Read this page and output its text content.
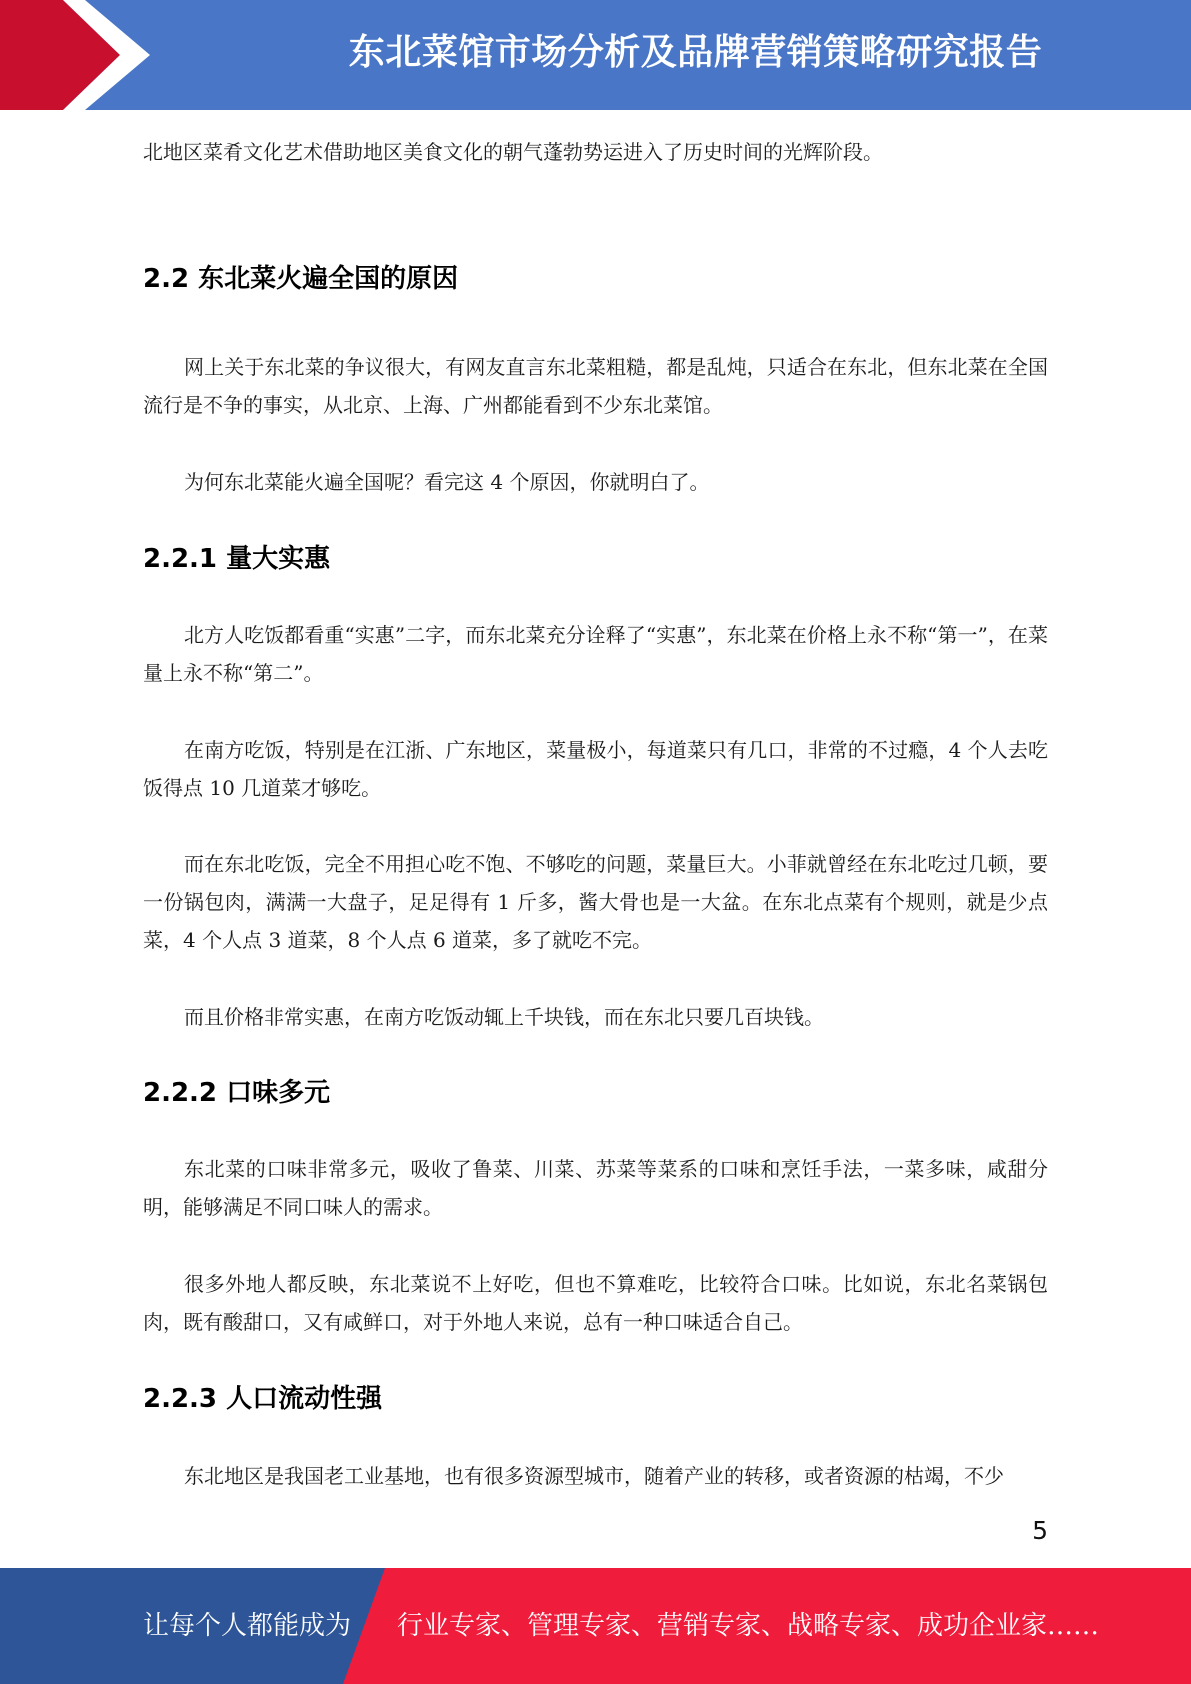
东北菜馆市场分析及品牌营销策略研究报告
北地区菜肴文化艺术借助地区美食文化的朝气蓬勃势运进入了历史时间的光辉阶段。
2.2 东北菜火遍全国的原因
网上关于东北菜的争议很大，有网友直言东北菜粗糙，都是乱炖，只适合在东北，但东北菜在全国流行是不争的事实，从北京、上海、广州都能看到不少东北菜馆。
为何东北菜能火遍全国呢？看完这 4 个原因，你就明白了。
2.2.1 量大实惠
北方人吃饭都看重“实惠”二字，而东北菜充分诠释了“实惠”，东北菜在价格上永不称“第一”，在菜量上永不称“第二”。
在南方吃饭，特别是在江浙、广东地区，菜量极小，每道菜只有几口，非常的不过瘾，4 个人去吃饭得点 10 几道菜才够吃。
而在东北吃饭，完全不用担心吃不饱、不够吃的问题，菜量巨大。小菲就曾经在东北吃过几顿，要一份锅包肉，满满一大盘子，足足得有 1 斤多，酱大骨也是一大盆。在东北点菜有个规则，就是少点菜，4 个人点 3 道菜，8 个人点 6 道菜，多了就吃不完。
而且价格非常实惠，在南方吃饭动辄上千块钱，而在东北只要几百块钱。
2.2.2 口味多元
东北菜的口味非常多元，吸收了鲁菜、川菜、苏菜等菜系的口味和烹饪手法，一菜多味，咸甜分明，能够满足不同口味人的需求。
很多外地人都反映，东北菜说不上好吃，但也不算难吃，比较符合口味。比如说，东北名菜锅包肉，既有酸甜口，又有咸鲜口，对于外地人来说，总有一种口味适合自己。
2.2.3 人口流动性强
东北地区是我国老工业基地，也有很多资源型城市，随着产业的转移，或者资源的枯竭，不少
5
让每个人都能成为 行业专家、管理专家、营销专家、战略专家、成功企业家……
